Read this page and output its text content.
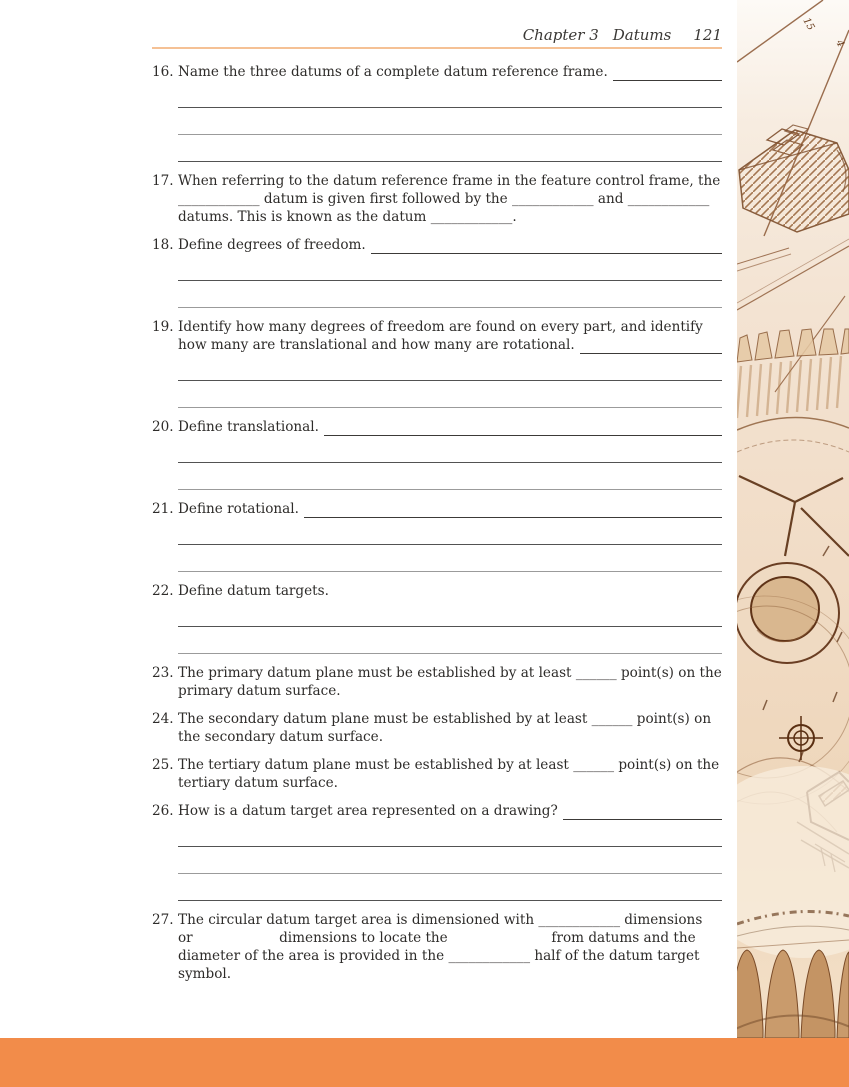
15
4
Chapter 3 Datums 121
16. Name the three datums of a complete datum reference frame.
17. When referring to the datum reference frame in the feature control frame, the
____________ datum is given first followed by the ____________ and ____________
datums. This is known as the datum ____________.
18. Define degrees of freedom.
19. Identify how many degrees of freedom are found on every part, and identify
how many are translational and how many are rotational.
20. Define translational.
21. Define rotational.
22. Define datum targets.
23. The primary datum plane must be established by at least ______ point(s) on the
primary datum surface.
24. The secondary datum plane must be established by at least ______ point(s) on
the secondary datum surface.
25. The tertiary datum plane must be established by at least ______ point(s) on the
tertiary datum surface.
26. How is a datum target area represented on a drawing?
27. The circular datum target area is dimensioned with ____________ dimensions
or                    dimensions to locate the                        from datums and the
diameter of the area is provided in the ____________ half of the datum target
symbol.
